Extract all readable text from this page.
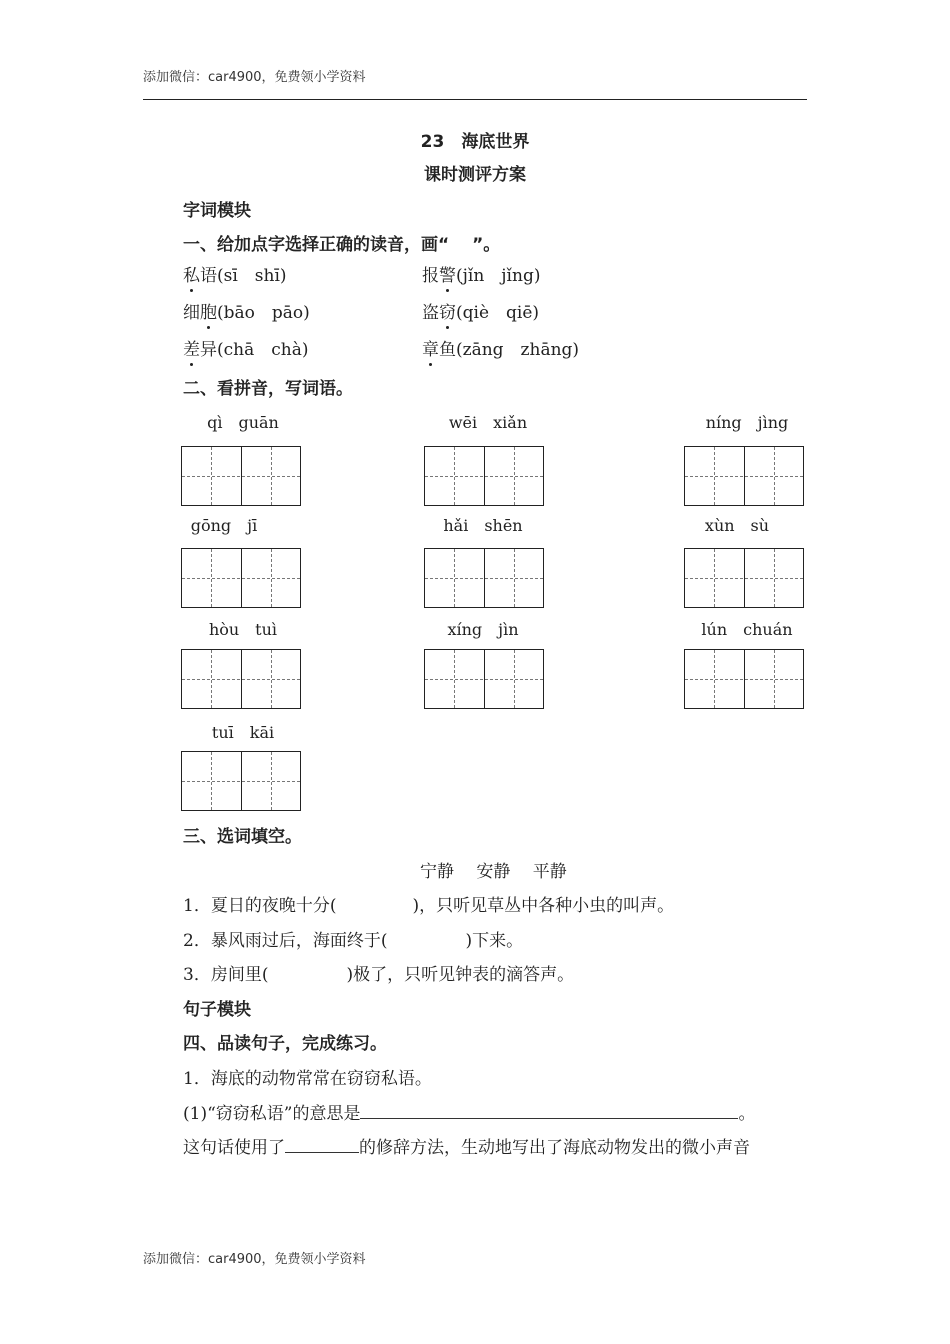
添加微信：car4900，免费领小学资料
23　海底世界
课时测评方案
字词模块
一、给加点字选择正确的读音，画“　 ”。
私语(sī　shī)	报警(jǐn　jǐng)
细胞(bāo　pāo)	盗窃(qiè　qiē)
差异(chā　chà)	章鱼(zāng　zhāng)
二、看拼音，写词语。
qì　guān	wēi　xiǎn	níng　jìng
gōng　jī	hǎi　shēn	xùn　sù
hòu　tuì	xíng　jìn	lún　chuán
tuī　kāi
三、选词填空。
宁静　 安静　 平静
1．夏日的夜晚十分(	)，只听见草丛中各种小虫的叫声。
2．暴风雨过后，海面终于(	)下来。
3．房间里(	)极了，只听见钟表的滴答声。
句子模块
四、品读句子，完成练习。
1．海底的动物常常在窃窃私语。
(1)“窃窃私语”的意思是	。
这句话使用了	的修辞方法，生动地写出了海底动物发出的微小声音
添加微信：car4900，免费领小学资料
